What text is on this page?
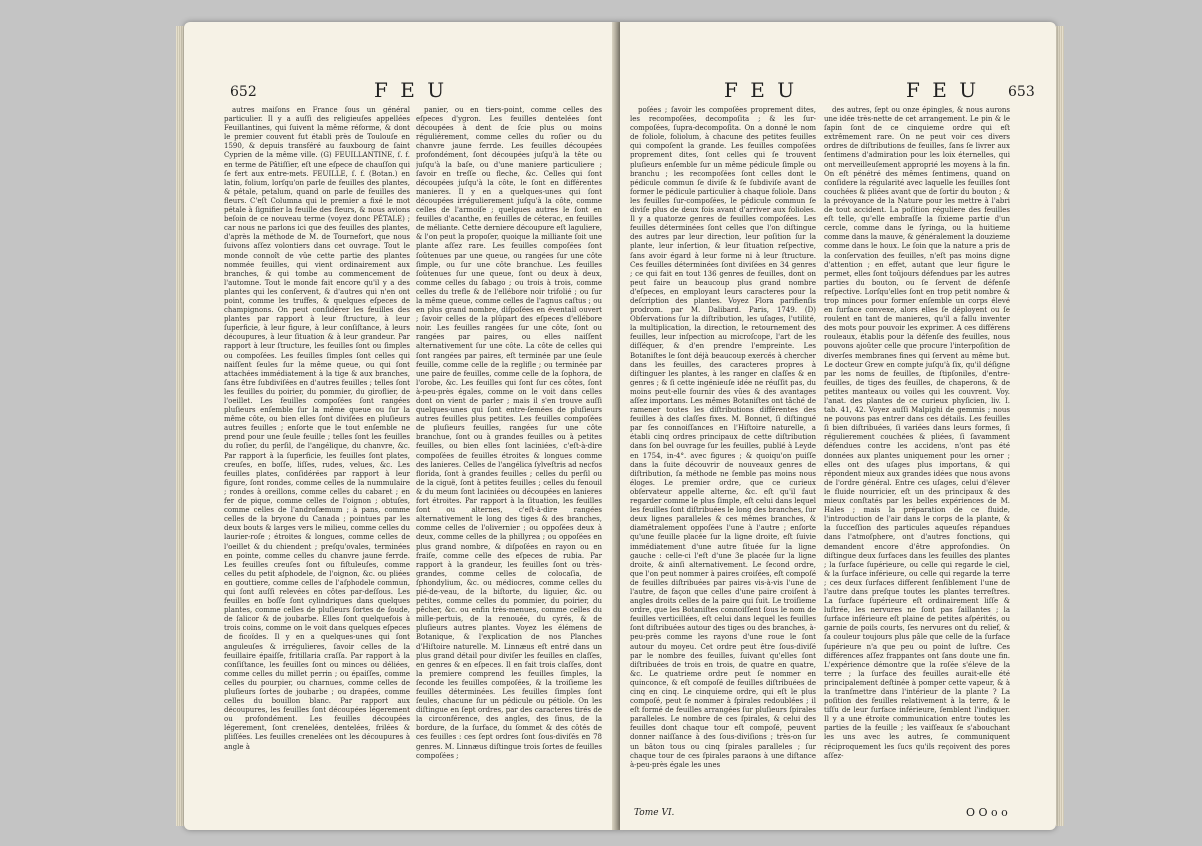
652	F E U

autres maiſons en France ſous un général particulier. Il y a auſſi des religieuſes appellées Feuillantines, qui ſuivent la même réforme, & dont le premier couvent fut établi près de Toulouſe en 1590, & depuis transféré au fauxbourg de ſaint Cyprien de la même ville. (G) FEUILLANTINE, ſ. f. en terme de Pâtiſſier, eſt une eſpece de chauſſon qui ſe fert aux entre-mets. FEUILLE, ſ. f. (Botan.) en latin, folium, lorſqu'on parle de feuilles des plantes, & pétale, petalum, quand on parle de feuilles des fleurs. C'eſt Columna qui le premier a fixé le mot pétale à ſignifier la feuille des fleurs, & nous avions beſoin de ce nouveau terme (voyez donc PÉTALE) ; car nous ne parlons ici que des feuilles des plantes, d'après la méthode de M. de Tournefort, que nous ſuivons aſſez volontiers dans cet ouvrage. Tout le monde connoît de vûe cette partie des plantes nommée feuilles, qui vient ordinairement aux branches, & qui tombe au commencement de l'automne. Tout le monde fait encore qu'il y a des plantes qui les conſervent, & d'autres qui n'en ont point, comme les truffes, & quelques eſpeces de champignons. On peut conſidérer les feuilles des plantes par rapport à leur ſtructure, à leur ſuperficie, à leur figure, à leur conſiſtance, à leurs découpures, à leur ſituation & à leur grandeur. Par rapport à leur ſtructure, les feuilles ſont ou ſimples ou compoſées. Les feuilles ſimples ſont celles qui naiſſent ſeules ſur la même queue, ou qui ſont attachées immédiatement à la tige & aux branches, ſans être ſubdiviſées en d'autres feuilles ; telles ſont les feuilles du poirier, du pommier, du giroflier, de l'oeillet. Les feuilles compoſées ſont rangées pluſieurs enſemble ſur la même queue ou ſur la même côte, ou bien elles ſont diviſées en pluſieurs autres feuilles ; enſorte que le tout enſemble ne prend pour une ſeule feuille ; telles ſont les feuilles du roſier, du perſil, de l'angélique, du chanvre, &c. Par rapport à la ſuperficie, les feuilles ſont plates, creuſes, en boſſe, liſſes, rudes, velues, &c. Les feuilles plates, conſidérées par rapport à leur figure, ſont rondes, comme celles de la nummulaire ; rondes à oreillons, comme celles du cabaret ; en fer de pique, comme celles de l'oignon ; obtuſes, comme celles de l'androſæmum ; à pans, comme celles de la bryone du Canada ; pointues par les deux bouts & larges vers le milieu, comme celles du laurier-roſe ; étroites & longues, comme celles de l'oeillet & du chiendent ; preſqu'ovales, terminées en pointe, comme celles du chanvre jaune ferrde. Les feuilles creuſes ſont ou fiſtuleuſes, comme celles du petit aſphodele, de l'oignon, &c. ou pliées en gouttiere, comme celles de l'aſphodele commun, qui ſont auſſi relevées en côtes par-deſſous. Les feuilles en boſſe ſont cylindriques dans quelques plantes, comme celles de pluſieurs ſortes de ſoude, de ſalicor & de joubarbe. Elles ſont quelquefois à trois coins, comme on le voit dans quelques eſpeces de ficoïdes. Il y en a quelques-unes qui ſont anguleuſes & irrégulieres, ſavoir celles de la feuillaire épaiſſe, fritillaria craſſa. Par rapport à la conſiſtance, les feuilles ſont ou minces ou déliées, comme celles du millet perrin ; ou épaiſſes, comme celles du pourpier, ou charnues, comme celles de pluſieurs ſortes de joubarbe ; ou drapées, comme celles du bouillon blanc. Par rapport aux découpures, les feuilles ſont découpées légerement ou profondément. Les feuilles découpées légerement, ſont crenelées, dentelées, frilées & pliſſées. Les feuilles crenelées ont les découpures à angle à

panier, ou en tiers-point, comme celles des eſpeces d'ygron. Les feuilles dentelées ſont découpées à dent de ſcie plus ou moins réguliérement, comme celles du roſier ou du chanvre jaune ferrde. Les feuilles découpées profondément, ſont découpées juſqu'à la tête ou juſqu'à la baſe, ou d'une maniere particuliere ; ſavoir en treſſe ou fleche, &c. Celles qui ſont découpées juſqu'à la côte, le ſont en différentes manieres. Il y en a quelques-unes qui ſont découpées irrégulierement juſqu'à la côte, comme celles de l'armoiſe ; quelques autres le ſont en feuilles d'acanthe, en feuilles de céterac, en feuilles de méliante. Cette derniere découpure eſt laguliere, & l'on peut la propoſer, quoique la milliante ſoit une plante aſſez rare. Les feuilles compoſées ſont ſoûtenues par une queue, ou rangées ſur une côte ſimple, ou ſur une côte branchue. Les feuilles ſoûtenues ſur une queue, ſont ou deux à deux, comme celles du ſabago ; ou trois à trois, comme celles du trefle & de l'ellébore noir trifolié ; ou ſur la même queue, comme celles de l'agnus caſtus ; ou en plus grand nombre, diſpoſées en éventail ouvert ; ſavoir celles de la plûpart des eſpeces d'ellébore noir. Les feuilles rangées ſur une côte, ſont ou rangées par paires, ou elles naiſſent alternativement ſur une côte. La côte de celles qui ſont rangées par paires, eſt terminée par une ſeule feuille, comme celle de la reglifle ; ou terminée par une paire de feuilles, comme celle de la ſophora, de l'orobe, &c. Les feuilles qui ſont ſur ces côtes, ſont à-peu-près égales, comme on le voit dans celles dont on vient de parler ; mais il s'en trouve auſſi quelques-unes qui ſont entre-ſemées de pluſieurs autres feuilles plus petites. Les feuilles compoſées de pluſieurs feuilles, rangées ſur une côte branchue, ſont ou à grandes feuilles ou à petites feuilles, ou bien elles ſont laciniées, c'eſt-à-dire compoſées de feuilles étroites & longues comme des lanieres. Celles de l'angélica ſylveſtris ad necfos florida, ſont à grandes feuilles ; celles du perſil ou de la ciguë, ſont à petites feuilles ; celles du fenouil & du meum ſont laciniées ou découpées en lanieres fort étroites. Par rapport à la ſituation, les feuilles ſont ou alternes, c'eſt-à-dire rangées alternativement le long des tiges & des branches, comme celles de l'olivernier ; ou oppoſées deux à deux, comme celles de la phillyrea ; ou oppoſées en plus grand nombre, & diſpoſées en rayon ou en fraiſe, comme celle des eſpeces de rubia. Par rapport à la grandeur, les feuilles ſont ou très-grandes, comme celles de colocaſia, de ſphondylium, &c. ou médiocres, comme celles du pié-de-veau, de la biſtorte, du liguier, &c. ou petites, comme celles du pommier, du poirier, du pêcher, &c. ou enfin très-menues, comme celles du mille-pertuis, de la renouée, du cyrés, & de pluſieurs autres plantes. Voyez les élémens de Botanique, & l'explication de nos Planches d'Hiſtoire naturelle. M. Linnæus eſt entré dans un plus grand détail pour diviſer les feuilles en claſſes, en genres & en eſpeces. Il en fait trois claſſes, dont la premiere comprend les feuilles ſimples, la ſeconde les feuilles compoſées, & la troiſieme les feuilles déterminées. Les feuilles ſimples ſont ſeules, chacune ſur un pédicule ou pétiole. On les diſtingue en ſept ordres, par des caracteres tirés de la circonférence, des angles, des ſinus, de la bordure, de la ſurface, du ſommet & des côtés de ces feuilles : ces ſept ordres ſont ſous-diviſés en 78 genres. M. Linnæus diſtingue trois ſortes de feuilles compoſées ;

F E U	F E U 653

poſées ; ſavoir les compoſées proprement dites, les recompoſées, decompoſita ; & les ſur-compoſées, ſupra-decompoſita. On a donné le nom de foliole, foliolum, à chacune des petites feuilles qui compoſent la grande. Les feuilles compoſées proprement dites, ſont celles qui ſe trouvent pluſieurs enſemble ſur un même pédicule ſimple ou branchu ; les recompoſées ſont celles dont le pédicule commun ſe diviſe & ſe ſubdiviſe avant de former le pédicule particulier à chaque foliole. Dans les feuilles ſur-compoſées, le pédicule commun ſe diviſe plus de deux fois avant d'arriver aux folioles. Il y a quatorze genres de feuilles compoſées. Les feuilles déterminées ſont celles que l'on diſtingue des autres par leur direction, leur poſition ſur la plante, leur inſertion, & leur ſituation reſpective, ſans avoir égard à leur forme ni à leur ſtructure. Ces feuilles déterminées ſont diviſées en 34 genres ; ce qui fait en tout 136 genres de feuilles, dont on peut faire un beaucoup plus grand nombre d'eſpeces, en employant leurs caracteres pour la deſcription des plantes. Voyez Flora parifienſis prodrom. par M. Dalibard. Paris, 1749. (D) Obſervations ſur la diſtribution, les uſages, l'utilité, la multiplication, la direction, le retournement des feuilles, leur inſpection au microſcope, l'art de les diſſéquer, & d'en prendre l'empreinte. Les Botaniſtes le ſont déjà beaucoup exercés à chercher dans les feuilles, des caracteres propres à diſtinguer les plantes, à les ranger en claſſes & en genres ; & ſi cette ingénieuſe idée ne réuſſit pas, du moins peut-elle fournir des vûes & des avantages aſſez importans. Les mêmes Botaniſtes ont tâché de ramener toutes les diſtributions différentes des feuilles à des claſſes fixes. M. Bonnet, ſi diſtingué par ſes connoiſſances en l'Hiſtoire naturelle, a établi cinq ordres principaux de cette diſtribution dans ſon bel ouvrage ſur les feuilles, publié à Leyde en 1754, in-4°. avec figures ; & quoiqu'on puiſſe dans la ſuite découvrir de nouveaux genres de diſtribution, ſa méthode ne ſemble pas moins nous éloges. Le premier ordre, que ce curieux obſervateur appelle alterne, &c. eſt qu'il faut regarder comme le plus ſimple, eſt celui dans lequel les feuilles ſont diſtribuées le long des branches, ſur deux lignes paralleles & ces mêmes branches, & diamétralement oppoſées l'une à l'autre ; enſorte qu'une feuille placée ſur la ligne droite, eſt ſuivie immédiatement d'une autre ſituée ſur la ligne gauche : celle-ci l'eſt d'une 3e placée ſur la ligne droite, & ainſi alternativement. Le ſecond ordre, que l'on peut nommer à paires croiſées, eſt compoſé de feuilles diſtribuées par paires vis-à-vis l'une de l'autre, de façon que celles d'une paire croiſent à angles droits celles de la paire qui ſuit. Le troiſieme ordre, que les Botaniſtes connoiſſent ſous le nom de feuilles verticillées, eſt celui dans lequel les feuilles ſont diſtribuées autour des tiges ou des branches, à-peu-près comme les rayons d'une roue le ſont autour du moyeu. Cet ordre peut être ſous-diviſé par le nombre des feuilles, ſuivant qu'elles ſont diſtribuées de trois en trois, de quatre en quatre, &c. Le quatrieme ordre peut ſe nommer en quinconce, & eſt compoſé de feuilles diſtribuées de cinq en cinq. Le cinquieme ordre, qui eſt le plus compoſé, peut ſe nommer à ſpirales redoublées ; il eſt formé de feuilles arrangées ſur pluſieurs ſpirales paralleles. Le nombre de ces ſpirales, & celui des feuilles dont chaque tour eſt compoſé, peuvent donner naiſſance à des ſous-diviſions ; très-on ſur un bâton tous ou cinq ſpirales paralleles ; ſur chaque tour de ces ſpirales paraons à une diſtance à-peu-près égale les unes

des autres, ſept ou onze épingles, & nous aurons une idée très-nette de cet arrangement. Le pin & le ſapin ſont de ce cinquieme ordre qui eſt extrêmement rare. On ne peut voir ces divers ordres de diſtributions de feuilles, ſans ſe livrer aux ſentimens d'admiration pour les loix éternelles, qui ont merveilleuſement approprié les moyens à la fin. On eſt pénétré des mêmes ſentimens, quand on conſidere la régularité avec laquelle les feuilles ſont couchées & pliées avant que de ſortir du bouton ; & la prévoyance de la Nature pour les mettre à l'abri de tout accident. La poſition réguliere des feuilles eſt telle, qu'elle embraſſe la ſixieme partie d'un cercle, comme dans le ſyringa, ou la huitieme comme dans la mauve, & généralement la douzieme comme dans le houx. Le ſoin que la nature a pris de la conſervation des feuilles, n'eſt pas moins digne d'attention ; en effet, autant que leur figure le permet, elles ſont toûjours défendues par les autres parties du bouton, ou ſe ſervent de défenſe reſpective. Lorſqu'elles ſont en trop petit nombre & trop minces pour former enſemble un corps élevé en ſurface convexe, alors elles ſe déployent ou ſe roulent en tant de manieres, qu'il a fallu inventer des mots pour pouvoir les exprimer. A ces différens rouleaux, établis pour la défenſe des feuilles, nous pouvons ajoûter celle que procure l'interpoſition de diverſes membranes fines qui ſervent au même but. Le docteur Grew en compte juſqu'à ſix, qu'il déſigne par les noms de feuilles, de ſtipſoniles, d'entre-feuilles, de tiges des feuilles, de chaperons, & de petites manteaux ou voiles qui les couvrent. Voy. l'anat. des plantes de ce curieux phyſicien, liv. I. tab. 41, 42. Voyez auſſi Malpighi de gemmis ; nous ne pouvons pas entrer dans ces détails. Les feuilles ſi bien diſtribuées, ſi variées dans leurs formes, ſi régulierement couchées & pliées, ſi ſavamment défendues contre les accidens, n'ont pas été données aux plantes uniquement pour les orner ; elles ont des uſages plus importans, & qui répondent mieux aux grandes idées que nous avons de l'ordre général. Entre ces uſages, celui d'élever le fluide nourricier, eſt un des principaux & des mieux conſtatés par les belles expériences de M. Hales ; mais la préparation de ce fluide, l'introduction de l'air dans le corps de la plante, & la ſucceſſion des particules aqueuſes répandues dans l'atmoſphere, ont d'autres fonctions, qui demandent encore d'être approfondies. On diſtingue deux ſurfaces dans les feuilles des plantes ; la ſurface ſupérieure, ou celle qui regarde le ciel, & la ſurface inférieure, ou celle qui regarde la terre ; ces deux ſurfaces different ſenſiblement l'une de l'autre dans preſque toutes les plantes terreſtres. La ſurface ſupérieure eſt ordinairement liſſe & luſtrée, les nervures ne ſont pas ſaillantes ; la ſurface inférieure eſt plaine de petites aſpérités, ou garnie de poils courts, ſes nervures ont du relief, & ſa couleur toujours plus pâle que celle de la ſurface ſupérieure n'a que peu ou point de luſtre. Ces différences aſſez frappantes ont ſans doute une fin. L'expérience démontre que la roſée s'éleve de la terre ; la ſurface des feuilles aurait-elle été principalement deſtinée à pomper cette vapeur, & à la tranſmettre dans l'intérieur de la plante ? La poſition des feuilles relativement à la terre, & le tiſſu de leur ſurface inférieure, ſemblent l'indiquer. Il y a une étroite communication entre toutes les parties de la feuille ; les vaiſſeaux ſe s'abouchant les uns avec les autres, ſe communiquent réciproquement les ſucs qu'ils reçoivent des pores aſſez-

Tome VI.	O O o o
